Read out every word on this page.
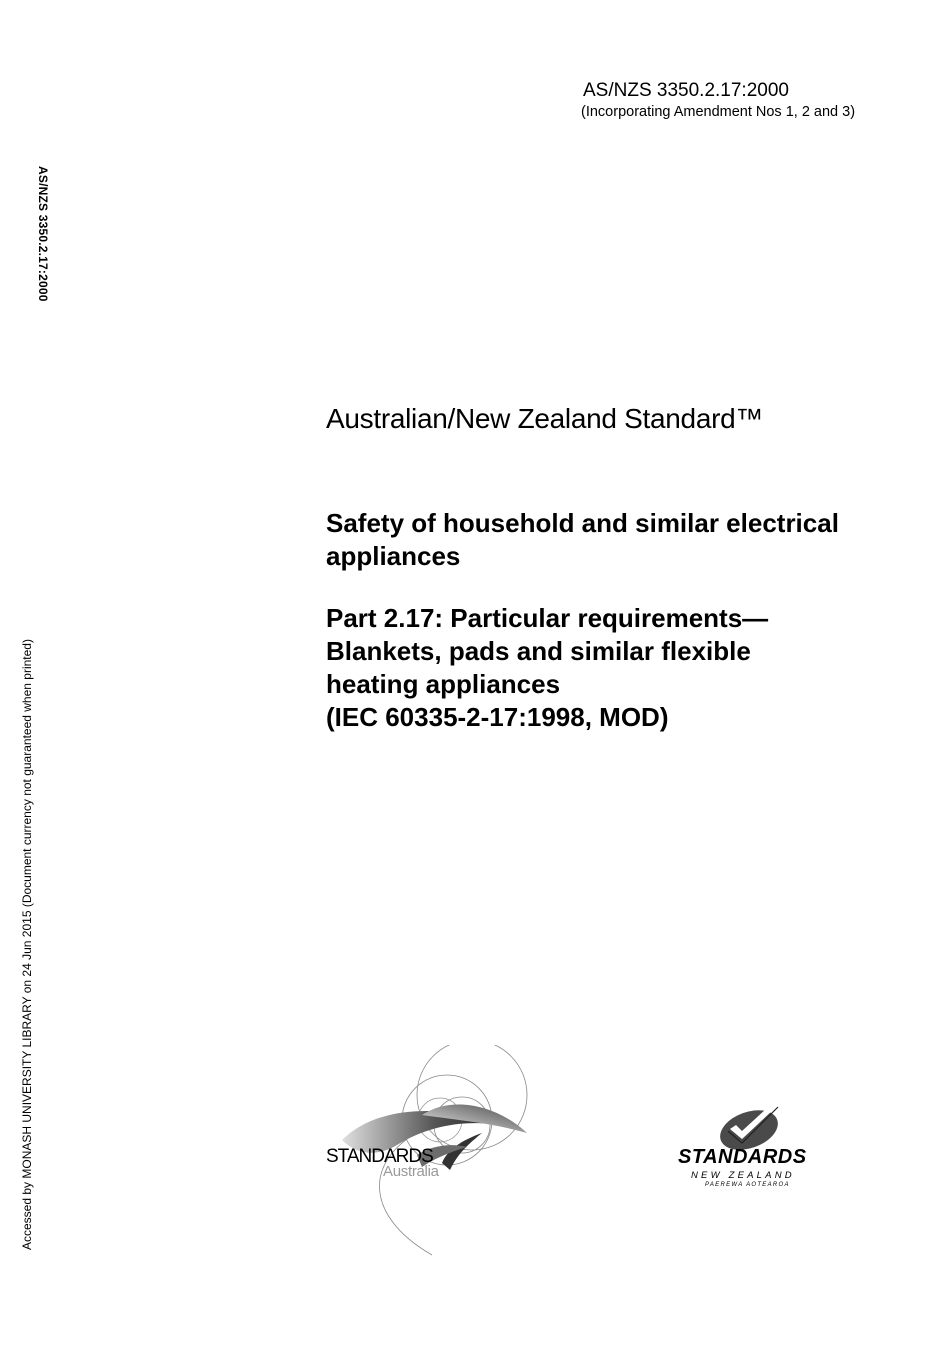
AS/NZS 3350.2.17:2000
(Incorporating Amendment Nos 1, 2 and 3)
AS/NZS 3350.2.17:2000
Accessed by MONASH UNIVERSITY LIBRARY on 24 Jun 2015 (Document currency not guaranteed when printed)
Australian/New Zealand Standard™
Safety of household and similar electrical appliances
Part 2.17: Particular requirements—
Blankets, pads and similar flexible
heating appliances
(IEC 60335-2-17:1998, MOD)
STANDARDS
Australia
STANDARDS
NEW ZEALAND
PAEREWA AOTEAROA
